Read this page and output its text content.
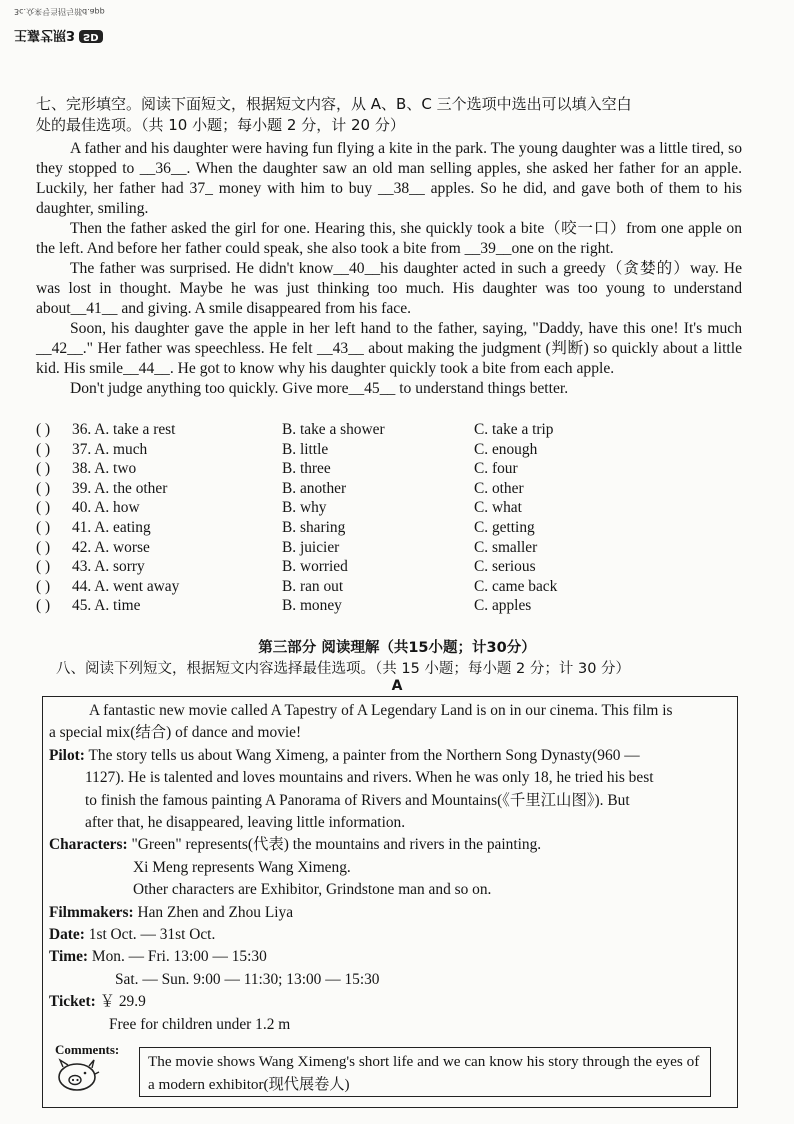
3c.众来号当招与部d.app
王嘉艺照3 SD
七、完形填空。阅读下面短文，根据短文内容，从 A、B、C 三个选项中选出可以填入空白
处的最佳选项。（共 10 小题；每小题 2 分，计 20 分）

A father and his daughter were having fun flying a kite in the park. The young daughter was a little tired, so they stopped to __36__. When the daughter saw an old man selling apples, she asked her father for an apple. Luckily, her father had 37_ money with him to buy __38__ apples. So he did, and gave both of them to his daughter, smiling.

Then the father asked the girl for one. Hearing this, she quickly took a bite（咬一口）from one apple on the left. And before her father could speak, she also took a bite from __39__one on the right.

The father was surprised. He didn't know__40__his daughter acted in such a greedy（贪婪的）way. He was lost in thought. Maybe he was just thinking too much. His daughter was too young to understand about__41__ and giving. A smile disappeared from his face.

Soon, his daughter gave the apple in her left hand to the father, saying, "Daddy, have this one! It's much __42__." Her father was speechless. He felt __43__ about making the judgment (判断) so quickly about a little kid. His smile__44__. He got to know why his daughter quickly took a bite from each apple.

Don't judge anything too quickly. Give more__45__ to understand things better.

( ) 36. A. take a rest	B. take a shower	C. take a trip
( ) 37. A. much	B. little	C. enough
( ) 38. A. two	B. three	C. four
( ) 39. A. the other	B. another	C. other
( ) 40. A. how	B. why	C. what
( ) 41. A. eating	B. sharing	C. getting
( ) 42. A. worse	B. juicier	C. smaller
( ) 43. A. sorry	B. worried	C. serious
( ) 44. A. went away	B. ran out	C. came back
( ) 45. A. time	B. money	C. apples
第三部分 阅读理解（共15小题；计30分）
八、阅读下列短文，根据短文内容选择最佳选项。（共 15 小题；每小题 2 分；计 30 分）
A
A fantastic new movie called A Tapestry of A Legendary Land is on in our cinema. This film is
a special mix(结合) of dance and movie!
Pilot: The story tells us about Wang Ximeng, a painter from the Northern Song Dynasty(960 —
1127). He is talented and loves mountains and rivers. When he was only 18, he tried his best
to finish the famous painting A Panorama of Rivers and Mountains(《千里江山图》). But
after that, he disappeared, leaving little information.
Characters: "Green" represents(代表) the mountains and rivers in the painting.
Xi Meng represents Wang Ximeng.
Other characters are Exhibitor, Grindstone man and so on.
Filmmakers: Han Zhen and Zhou Liya
Date: 1st Oct. — 31st Oct.
Time: Mon. — Fri. 13:00 — 15:30
Sat. — Sun. 9:00 — 11:30; 13:00 — 15:30
Ticket: ￥ 29.9
Free for children under 1.2 m
Comments:
The movie shows Wang Ximeng's short life and we can know his story through the eyes of a modern exhibitor(现代展卷人)
